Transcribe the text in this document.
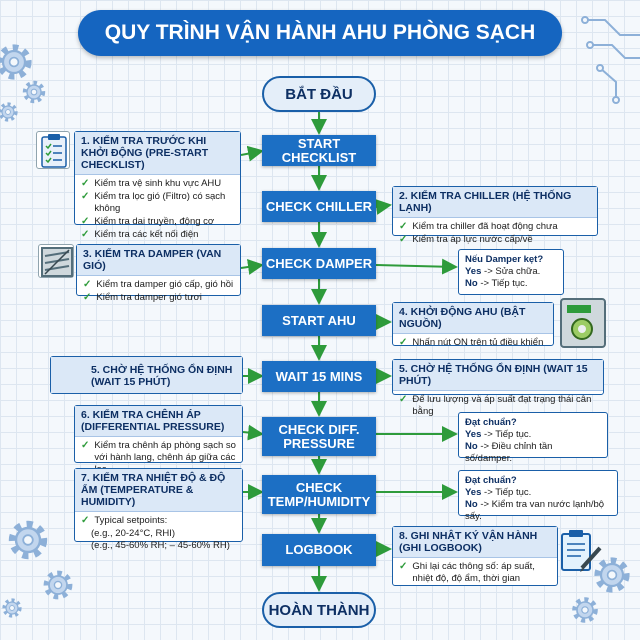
QUY TRÌNH VẬN HÀNH AHU PHÒNG SẠCH
BẮT ĐẦU
HOÀN THÀNH
START CHECKLIST
CHECK CHILLER
CHECK DAMPER
START AHU
WAIT 15 MINS
CHECK DIFF. PRESSURE
CHECK TEMP/HUMIDITY
LOGBOOK
1. KIỂM TRA TRƯỚC KHI KHỞI ĐỘNG (PRE-START CHECKLIST)
✓ Kiểm tra vệ sinh khu vực AHU
✓ Kiểm tra lọc gió (Filtro) có sạch không
✓ Kiểm tra dai truyền, động cơ
✓ Kiểm tra các kết nối điện
3. KIỂM TRA DAMPER (VAN GIÓ)
✓ Kiểm tra damper gió cấp, gió hồi
✓ Kiểm tra damper gió tươi
5. CHỜ HỆ THỐNG ỔN ĐỊNH (WAIT 15 PHÚT)
6. KIỂM TRA CHÊNH ÁP (DIFFERENTIAL PRESSURE)
✓ Kiểm tra chênh áp phòng sạch so với hành lang, chênh áp giữa các
7. KIỂM TRA NHIỆT ĐỘ & ĐỘ ẨM (TEMPERATURE & HUMIDITY)
✓ Typical setpoints:
(e.g., 20-24°C, RHI)
(e.g., 45-60% RH; – 45-60% RH)
2. KIỂM TRA CHILLER (HỆ THỐNG LẠNH)
✓ Kiểm tra chiller đã hoạt động chưa
✓ Kiểm tra áp lực nước cấp/về
Nếu Damper kẹt?
Yes -> Sửa chữa.
No -> Tiếp tục.
4. KHỞI ĐỘNG AHU (BẬT NGUỒN)
✓ Nhấn nút ON trên tủ điều khiển
5. CHỜ HỆ THỐNG ỔN ĐỊNH (WAIT 15 PHÚT)
✓ Để lưu lượng và áp suất đạt trạng thái cân bằng
Đạt chuẩn?
Yes -> Tiếp tục.
No -> Điều chỉnh tần số/damper.
Đạt chuẩn?
Yes -> Tiếp tục.
No -> Kiểm tra van nước lạnh/bộ sấy.
8. GHI NHẬT KÝ VẬN HÀNH (GHI LOGBOOK)
✓ Ghi lại các thông số: áp suất, nhiệt độ, độ ẩm, thời gian
